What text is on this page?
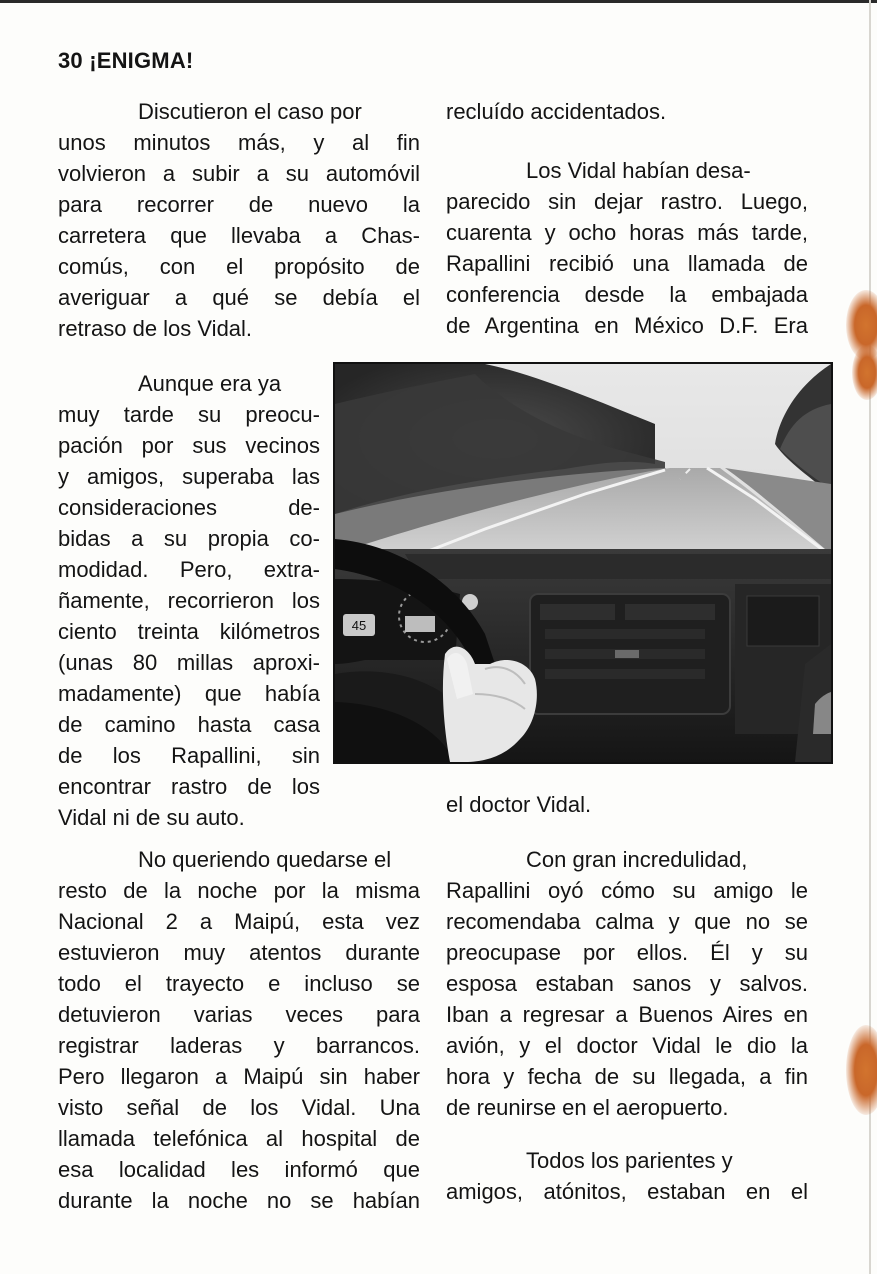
30 ¡ENIGMA!
Discutieron el caso por
unos minutos más, y al fin
volvieron a subir a su automóvil
para recorrer de nuevo la
carretera que llevaba a Chas-
comús, con el propósito de
averiguar a qué se debía el
retraso de los Vidal.
Aunque era ya
muy tarde su preocu-
pación por sus vecinos
y amigos, superaba las
consideraciones de-
bidas a su propia co-
modidad. Pero, extra-
ñamente, recorrieron los
ciento treinta kilómetros
(unas 80 millas aproxi-
madamente) que había
de camino hasta casa
de los Rapallini, sin
encontrar rastro de los
Vidal ni de su auto.
No queriendo quedarse el
resto de la noche por la misma
Nacional 2 a Maipú, esta vez
estuvieron muy atentos durante
todo el trayecto e incluso se
detuvieron varias veces para
registrar laderas y barrancos.
Pero llegaron a Maipú sin haber
visto señal de los Vidal. Una
llamada telefónica al hospital de
esa localidad les informó que
durante la noche no se habían
recluído accidentados.
Los Vidal habían desa-
parecido sin dejar rastro. Luego,
cuarenta y ocho horas más tarde,
Rapallini recibió una llamada de
conferencia desde la embajada
de Argentina en México D.F. Era
el doctor Vidal.
Con gran incredulidad,
Rapallini oyó cómo su amigo le
recomendaba calma y que no se
preocupase por ellos. Él y su
esposa estaban sanos y salvos.
Iban a regresar a Buenos Aires en
avión, y el doctor Vidal le dio la
hora y fecha de su llegada, a fin
de reunirse en el aeropuerto.
Todos los parientes y
amigos, atónitos, estaban en el
45
